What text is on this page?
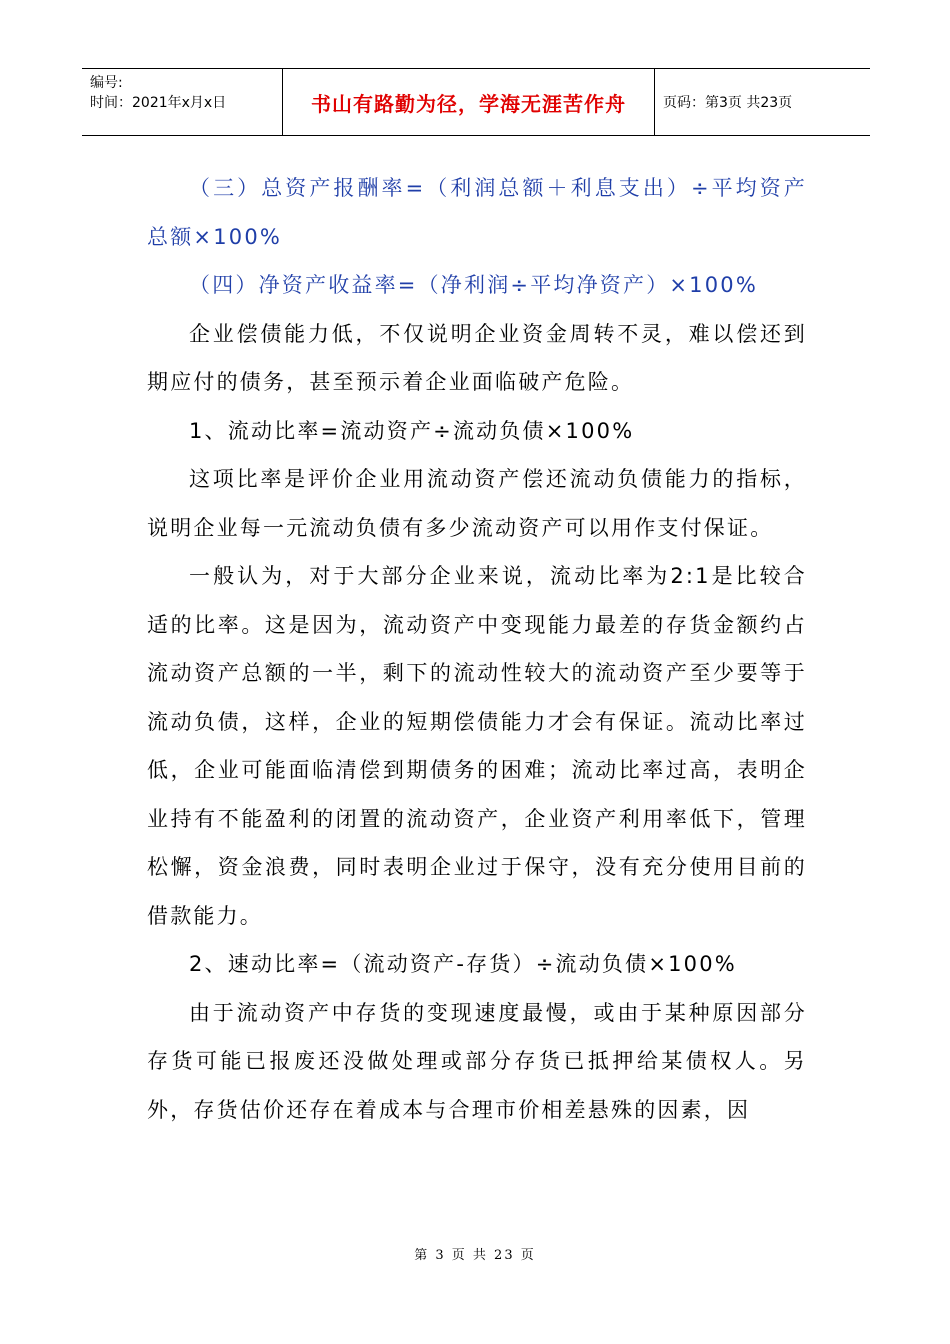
编号:
时间：2021年x月x日	书山有路勤为径，学海无涯苦作舟	页码：第3页 共23页

（三）总资产报酬率=（利润总额＋利息支出）÷平均资产总额×100%

（四）净资产收益率=（净利润÷平均净资产）×100%

企业偿债能力低，不仅说明企业资金周转不灵，难以偿还到期应付的债务，甚至预示着企业面临破产危险。

1、流动比率=流动资产÷流动负债×100%

这项比率是评价企业用流动资产偿还流动负债能力的指标，说明企业每一元流动负债有多少流动资产可以用作支付保证。

一般认为，对于大部分企业来说，流动比率为2:1是比较合适的比率。这是因为，流动资产中变现能力最差的存货金额约占流动资产总额的一半，剩下的流动性较大的流动资产至少要等于流动负债，这样，企业的短期偿债能力才会有保证。流动比率过低，企业可能面临清偿到期债务的困难；流动比率过高，表明企业持有不能盈利的闭置的流动资产，企业资产利用率低下，管理松懈，资金浪费，同时表明企业过于保守，没有充分使用目前的借款能力。

2、速动比率=（流动资产-存货）÷流动负债×100%

由于流动资产中存货的变现速度最慢，或由于某种原因部分存货可能已报废还没做处理或部分存货已抵押给某债权人。另外，存货估价还存在着成本与合理市价相差悬殊的因素，因

第 3 页 共 23 页
